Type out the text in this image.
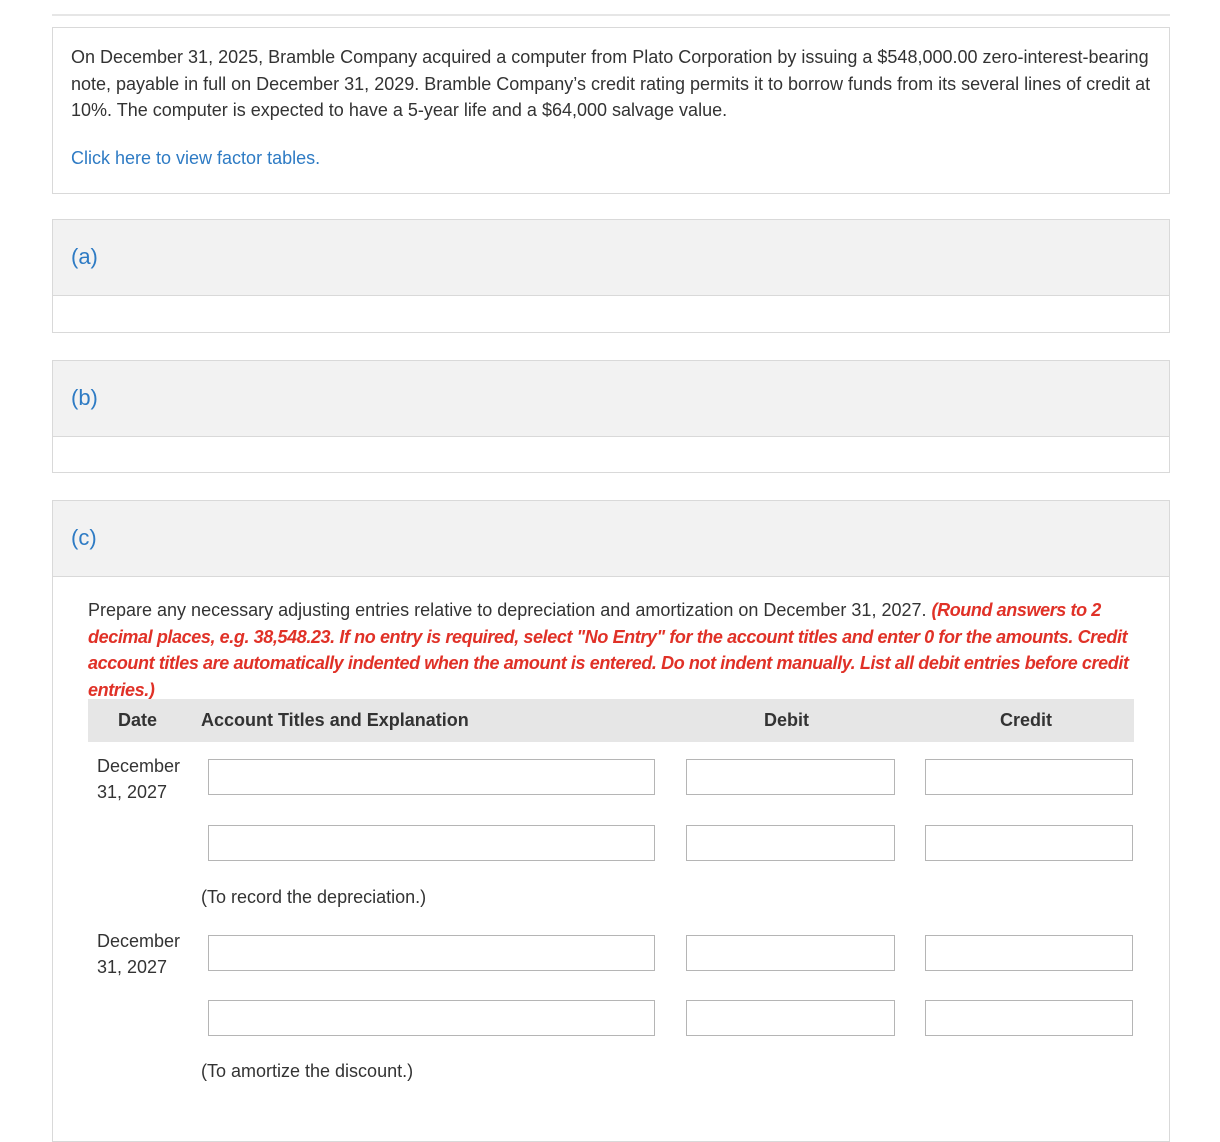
On December 31, 2025, Bramble Company acquired a computer from Plato Corporation by issuing a $548,000.00 zero-interest-bearing note, payable in full on December 31, 2029. Bramble Company’s credit rating permits it to borrow funds from its several lines of credit at 10%. The computer is expected to have a 5-year life and a $64,000 salvage value.

Click here to view factor tables.
(a)
(b)
(c)

Prepare any necessary adjusting entries relative to depreciation and amortization on December 31, 2027. (Round answers to 2 decimal places, e.g. 38,548.23. If no entry is required, select "No Entry" for the account titles and enter 0 for the amounts. Credit account titles are automatically indented when the amount is entered. Do not indent manually. List all debit entries before credit entries.)

Date Account Titles and Explanation	Debit	Credit
December 31, 2027
(To record the depreciation.)
December 31, 2027
(To amortize the discount.)
